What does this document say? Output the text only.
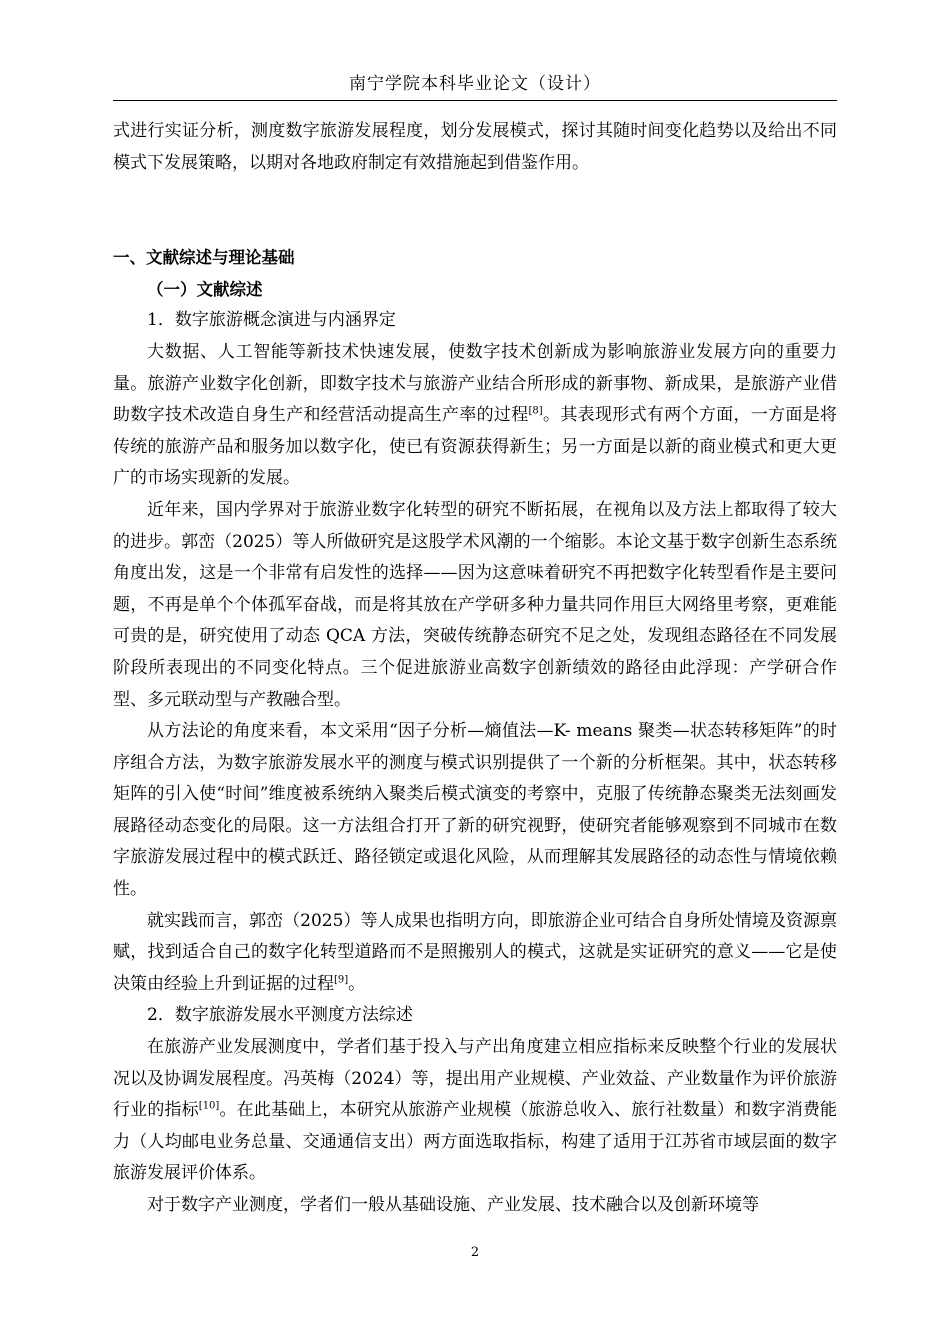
南宁学院本科毕业论文（设计）

式进行实证分析，测度数字旅游发展程度，划分发展模式，探讨其随时间变化趋势以及给出不同模式下发展策略，以期对各地政府制定有效措施起到借鉴作用。

一、文献综述与理论基础

（一）文献综述

1．数字旅游概念演进与内涵界定

大数据、人工智能等新技术快速发展，使数字技术创新成为影响旅游业发展方向的重要力量。旅游产业数字化创新，即数字技术与旅游产业结合所形成的新事物、新成果，是旅游产业借助数字技术改造自身生产和经营活动提高生产率的过程[8]。其表现形式有两个方面，一方面是将传统的旅游产品和服务加以数字化，使已有资源获得新生；另一方面是以新的商业模式和更大更广的市场实现新的发展。

近年来，国内学界对于旅游业数字化转型的研究不断拓展，在视角以及方法上都取得了较大的进步。郭峦（2025）等人所做研究是这股学术风潮的一个缩影。本论文基于数字创新生态系统角度出发，这是一个非常有启发性的选择——因为这意味着研究不再把数字化转型看作是主要问题，不再是单个个体孤军奋战，而是将其放在产学研多种力量共同作用巨大网络里考察，更难能可贵的是，研究使用了动态 QCA 方法，突破传统静态研究不足之处，发现组态路径在不同发展阶段所表现出的不同变化特点。三个促进旅游业高数字创新绩效的路径由此浮现：产学研合作型、多元联动型与产教融合型。

从方法论的角度来看，本文采用“因子分析—熵值法—K- means 聚类—状态转移矩阵”的时序组合方法，为数字旅游发展水平的测度与模式识别提供了一个新的分析框架。其中，状态转移矩阵的引入使“时间”维度被系统纳入聚类后模式演变的考察中，克服了传统静态聚类无法刻画发展路径动态变化的局限。这一方法组合打开了新的研究视野，使研究者能够观察到不同城市在数字旅游发展过程中的模式跃迁、路径锁定或退化风险，从而理解其发展路径的动态性与情境依赖性。

就实践而言，郭峦（2025）等人成果也指明方向，即旅游企业可结合自身所处情境及资源禀赋，找到适合自己的数字化转型道路而不是照搬别人的模式，这就是实证研究的意义——它是使决策由经验上升到证据的过程[9]。

2．数字旅游发展水平测度方法综述

在旅游产业发展测度中，学者们基于投入与产出角度建立相应指标来反映整个行业的发展状况以及协调发展程度。冯英梅（2024）等，提出用产业规模、产业效益、产业数量作为评价旅游行业的指标[10]。在此基础上，本研究从旅游产业规模（旅游总收入、旅行社数量）和数字消费能力（人均邮电业务总量、交通通信支出）两方面选取指标，构建了适用于江苏省市域层面的数字旅游发展评价体系。

对于数字产业测度，学者们一般从基础设施、产业发展、技术融合以及创新环境等

2
